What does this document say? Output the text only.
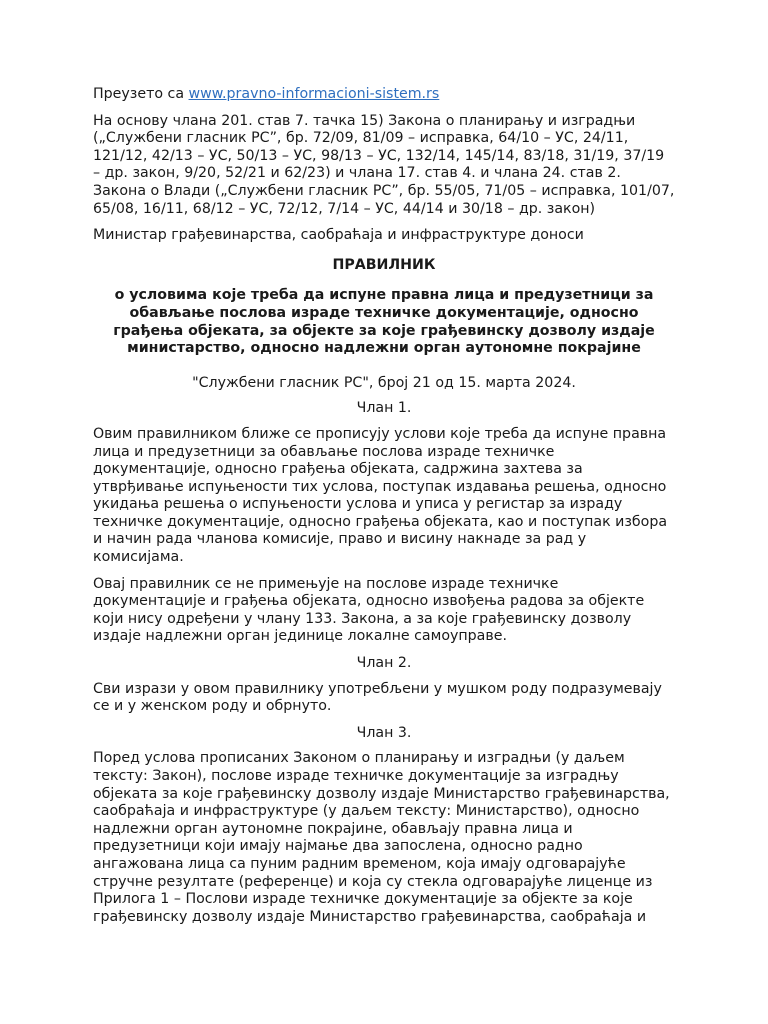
Преузето са www.pravno-informacioni-sistem.rs

На основу члана 201. став 7. тачка 15) Закона о планирању и изградњи („Службени гласник РС”, бр. 72/09, 81/09 – исправка, 64/10 – УС, 24/11, 121/12, 42/13 – УС, 50/13 – УС, 98/13 – УС, 132/14, 145/14, 83/18, 31/19, 37/19 – др. закон, 9/20, 52/21 и 62/23) и члана 17. став 4. и члана 24. став 2. Закона о Влади („Службени гласник РС”, бр. 55/05, 71/05 – исправка, 101/07, 65/08, 16/11, 68/12 – УС, 72/12, 7/14 – УС, 44/14 и 30/18 – др. закон)

Министар грађевинарства, саобраћаја и инфраструктуре доноси

ПРАВИЛНИК

о условима које треба да испуне правна лица и предузетници за обављање послова израде техничке документације, односно грађења објеката, за објекте за које грађевинску дозволу издаје министарство, односно надлежни орган аутономне покрајине

"Службени гласник РС", број 21 од 15. марта 2024.

Члан 1.

Овим правилником ближе се прописују услови које треба да испуне правна лица и предузетници за обављање послова израде техничке документације, односно грађења објеката, садржина захтева за утврђивање испуњености тих услова, поступак издавања решења, односно укидања решења о испуњености услова и уписа у регистар за израду техничке документације, односно грађења објеката, као и поступак избора и начин рада чланова комисије, право и висину накнаде за рад у комисијама.

Овај правилник се не примењује на послове израде техничке документације и грађења објеката, односно извођења радова за објекте који нису одређени у члану 133. Закона, а за које грађевинску дозволу издаје надлежни орган јединице локалне самоуправе.

Члан 2.

Сви изрази у овом правилнику употребљени у мушком роду подразумевају се и у женском роду и обрнуто.

Члан 3.

Поред услова прописаних Законом о планирању и изградњи (у даљем тексту: Закон), послове израде техничке документације за изградњу објеката за које грађевинску дозволу издаје Министарство грађевинарства, саобраћаја и инфраструктуре (у даљем тексту: Министарство), односно надлежни орган аутономне покрајине, обављају правна лица и предузетници који имају најмање два запослена, односно радно ангажована лица са пуним радним временом, која имају одговарајуће стручне резултате (референце) и која су стекла одговарајуће лиценце из Прилога 1 – Послови израде техничке документације за објекте за које грађевинску дозволу издаје Министарство грађевинарства, саобраћаја и
